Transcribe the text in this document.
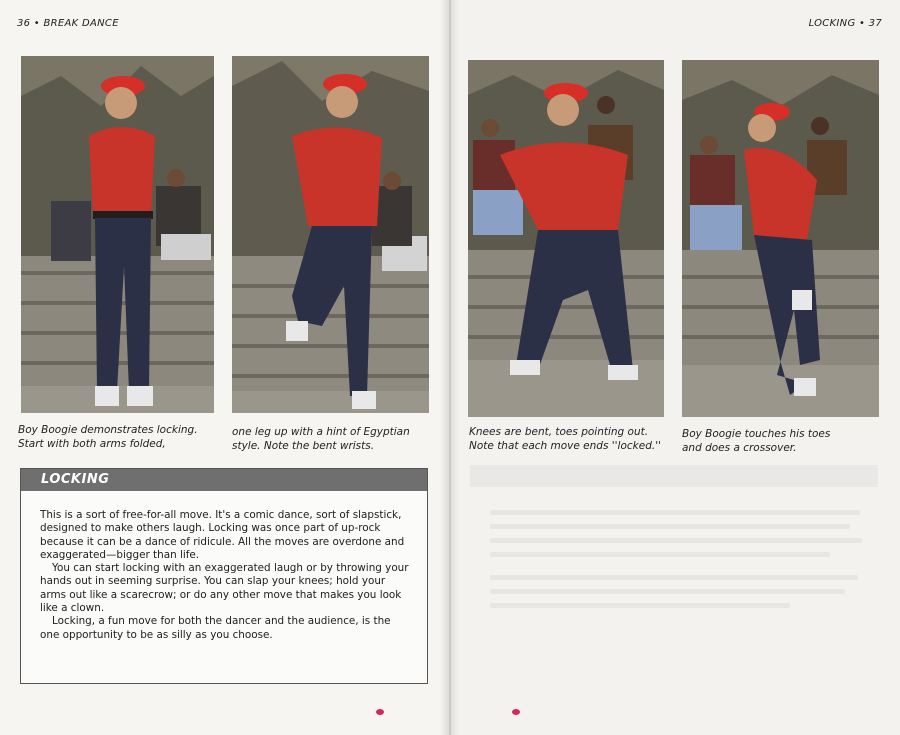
36 • BREAK DANCE	LOCKING • 37
Boy Boogie demonstrates locking.
Start with both arms folded,
one leg up with a hint of Egyptian
style. Note the bent wrists.
Knees are bent, toes pointing out.
Note that each move ends ''locked.''
Boy Boogie touches his toes
and does a crossover.
LOCKING

This is a sort of free-for-all move. It's a comic dance, sort of slapstick, designed to make others laugh. Locking was once part of up-rock because it can be a dance of ridicule. All the moves are overdone and exaggerated—bigger than life.

You can start locking with an exaggerated laugh or by throwing your hands out in seeming surprise. You can slap your knees; hold your arms out like a scarecrow; or do any other move that makes you look like a clown.

Locking, a fun move for both the dancer and the audience, is the one opportunity to be as silly as you choose.
